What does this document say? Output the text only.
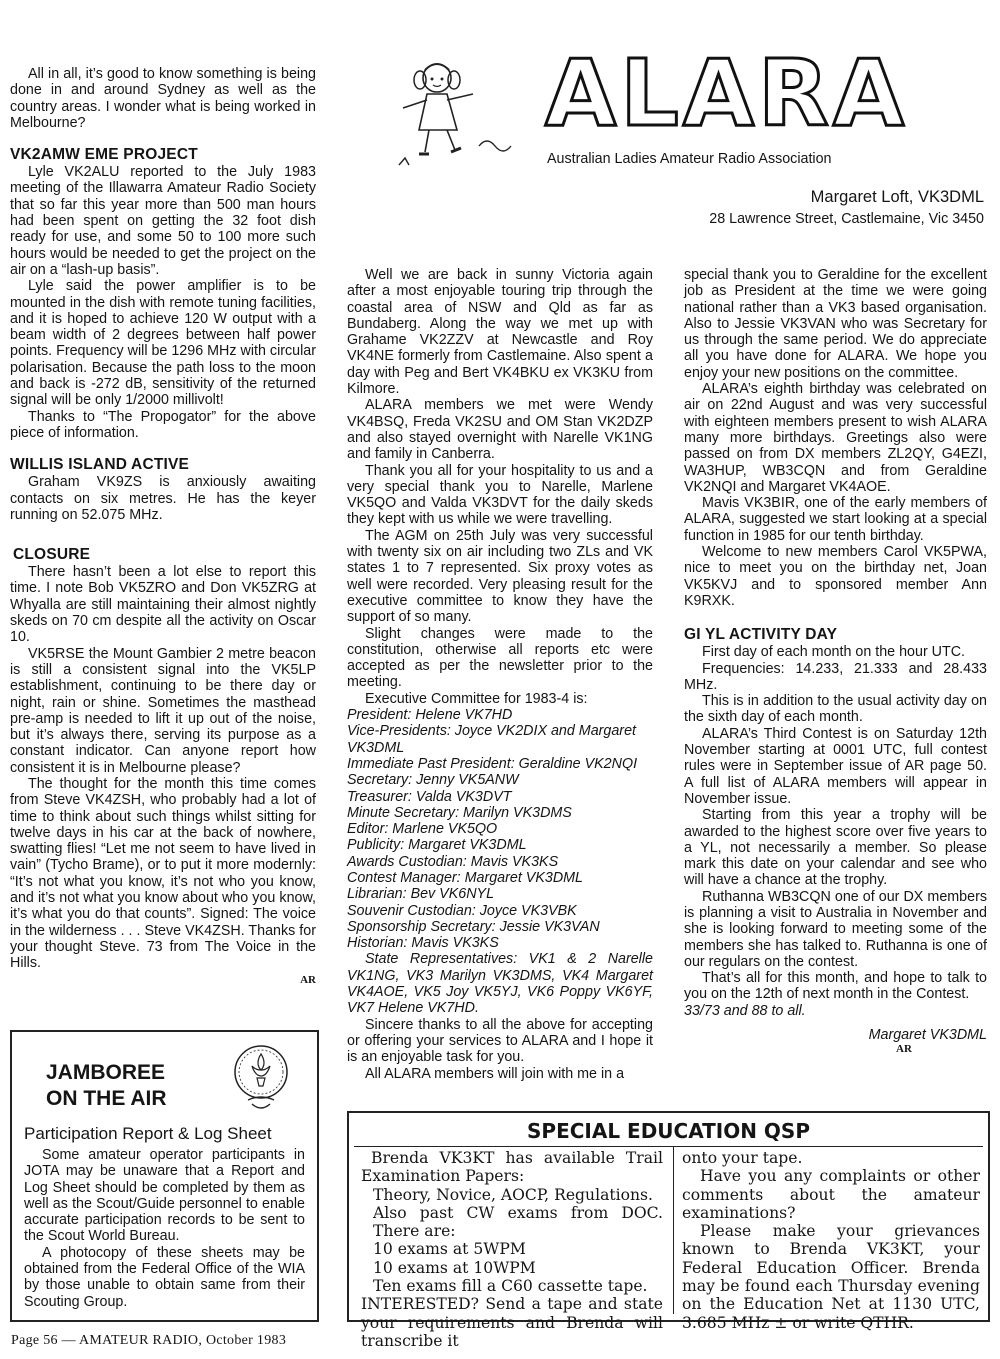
All in all, it’s good to know something is being done in and around Sydney as well as the country areas. I wonder what is being worked in Melbourne?

VK2AMW EME PROJECT

Lyle VK2ALU reported to the July 1983 meeting of the Illawarra Amateur Radio Society that so far this year more than 500 man hours had been spent on getting the 32 foot dish ready for use, and some 50 to 100 more such hours would be needed to get the project on the air on a “lash-up basis”.

Lyle said the power amplifier is to be mounted in the dish with remote tuning facilities, and it is hoped to achieve 120 W output with a beam width of 2 degrees between half power points. Frequency will be 1296 MHz with circular polarisation. Because the path loss to the moon and back is -272 dB, sensitivity of the returned signal will be only 1/2000 millivolt!

Thanks to “The Propogator” for the above piece of information.

WILLIS ISLAND ACTIVE

Graham VK9ZS is anxiously awaiting contacts on six metres. He has the keyer running on 52.075 MHz.

CLOSURE

There hasn’t been a lot else to report this time. I note Bob VK5ZRO and Don VK5ZRG at Whyalla are still maintaining their almost nightly skeds on 70 cm despite all the activity on Oscar 10.

VK5RSE the Mount Gambier 2 metre beacon is still a consistent signal into the VK5LP establishment, continuing to be there day or night, rain or shine. Sometimes the masthead pre-amp is needed to lift it up out of the noise, but it’s always there, serving its purpose as a constant indicator. Can anyone report how consistent it is in Melbourne please?

The thought for the month this time comes from Steve VK4ZSH, who probably had a lot of time to think about such things whilst sitting for twelve days in his car at the back of nowhere, swatting flies! “Let me not seem to have lived in vain” (Tycho Brame), or to put it more modernly: “It’s not what you know, it’s not who you know, and it’s not what you know about who you know, it’s what you do that counts”. Signed: The voice in the wilderness . . . Steve VK4ZSH. Thanks for your thought Steve. 73 from The Voice in the Hills.

AR
JAMBOREE
ON THE AIR
Participation Report & Log Sheet

Some amateur operator participants in JOTA may be unaware that a Report and Log Sheet should be completed by them as well as the Scout/Guide personnel to enable accurate participation records to be sent to the Scout World Bureau.

A photocopy of these sheets may be obtained from the Federal Office of the WIA by those unable to obtain same from their Scouting Group.

ALARA
Australian Ladies Amateur Radio Association
Margaret Loft, VK3DML
28 Lawrence Street, Castlemaine, Vic 3450

Well we are back in sunny Victoria again after a most enjoyable touring trip through the coastal area of NSW and Qld as far as Bundaberg. Along the way we met up with Grahame VK2ZZV at Newcastle and Roy VK4NE formerly from Castlemaine. Also spent a day with Peg and Bert VK4BKU ex VK3KU from Kilmore.

ALARA members we met were Wendy VK4BSQ, Freda VK2SU and OM Stan VK2DZP and also stayed overnight with Narelle VK1NG and family in Canberra.

Thank you all for your hospitality to us and a very special thank you to Narelle, Marlene VK5QO and Valda VK3DVT for the daily skeds they kept with us while we were travelling.

The AGM on 25th July was very successful with twenty six on air including two ZLs and VK states 1 to 7 represented. Six proxy votes as well were recorded. Very pleasing result for the executive committee to know they have the support of so many.

Slight changes were made to the constitution, otherwise all reports etc were accepted as per the newsletter prior to the meeting.

Executive Committee for 1983-4 is:

President: Helene VK7HD
Vice-Presidents: Joyce VK2DIX and Margaret VK3DML
Immediate Past President: Geraldine VK2NQI
Secretary: Jenny VK5ANW
Treasurer: Valda VK3DVT
Minute Secretary: Marilyn VK3DMS
Editor: Marlene VK5QO
Publicity: Margaret VK3DML
Awards Custodian: Mavis VK3KS
Contest Manager: Margaret VK3DML
Librarian: Bev VK6NYL
Souvenir Custodian: Joyce VK3VBK
Sponsorship Secretary: Jessie VK3VAN
Historian: Mavis VK3KS

State Representatives: VK1 & 2 Narelle VK1NG, VK3 Marilyn VK3DMS, VK4 Margaret VK4AOE, VK5 Joy VK5YJ, VK6 Poppy VK6YF, VK7 Helene VK7HD.

Sincere thanks to all the above for accepting or offering your services to ALARA and I hope it is an enjoyable task for you.

All ALARA members will join with me in a

special thank you to Geraldine for the excellent job as President at the time we were going national rather than a VK3 based organisation. Also to Jessie VK3VAN who was Secretary for us through the same period. We do appreciate all you have done for ALARA. We hope you enjoy your new positions on the committee.

ALARA’s eighth birthday was celebrated on air on 22nd August and was very successful with eighteen members present to wish ALARA many more birthdays. Greetings also were passed on from DX members ZL2QY, G4EZI, WA3HUP, WB3CQN and from Geraldine VK2NQI and Margaret VK4AOE.

Mavis VK3BIR, one of the early members of ALARA, suggested we start looking at a special function in 1985 for our tenth birthday.

Welcome to new members Carol VK5PWA, nice to meet you on the birthday net, Joan VK5KVJ and to sponsored member Ann K9RXK.

GI YL ACTIVITY DAY

First day of each month on the hour UTC.

Frequencies: 14.233, 21.333 and 28.433 MHz.

This is in addition to the usual activity day on the sixth day of each month.

ALARA’s Third Contest is on Saturday 12th November starting at 0001 UTC, full contest rules were in September issue of AR page 50. A full list of ALARA members will appear in November issue.

Starting from this year a trophy will be awarded to the highest score over five years to a YL, not necessarily a member. So please mark this date on your calendar and see who will have a chance at the trophy.

Ruthanna WB3CQN one of our DX members is planning a visit to Australia in November and she is looking forward to meeting some of the members she has talked to. Ruthanna is one of our regulars on the contest.

That’s all for this month, and hope to talk to you on the 12th of next month in the Contest.

33/73 and 88 to all.

Margaret VK3DML
AR
SPECIAL EDUCATION QSP

Brenda VK3KT has available Trail Examination Papers:

Theory, Novice, AOCP, Regulations.

Also past CW exams from DOC. There are:

10 exams at 5WPM

10 exams at 10WPM

Ten exams fill a C60 cassette tape.

INTERESTED? Send a tape and state your requirements and Brenda will transcribe it

onto your tape.

Have you any complaints or other comments about the amateur examinations?

Please make your grievances known to Brenda VK3KT, your Federal Education Officer. Brenda may be found each Thursday evening on the Education Net at 1130 UTC, 3.685 MHz ± or write QTHR.

Page 56 — AMATEUR RADIO, October 1983
